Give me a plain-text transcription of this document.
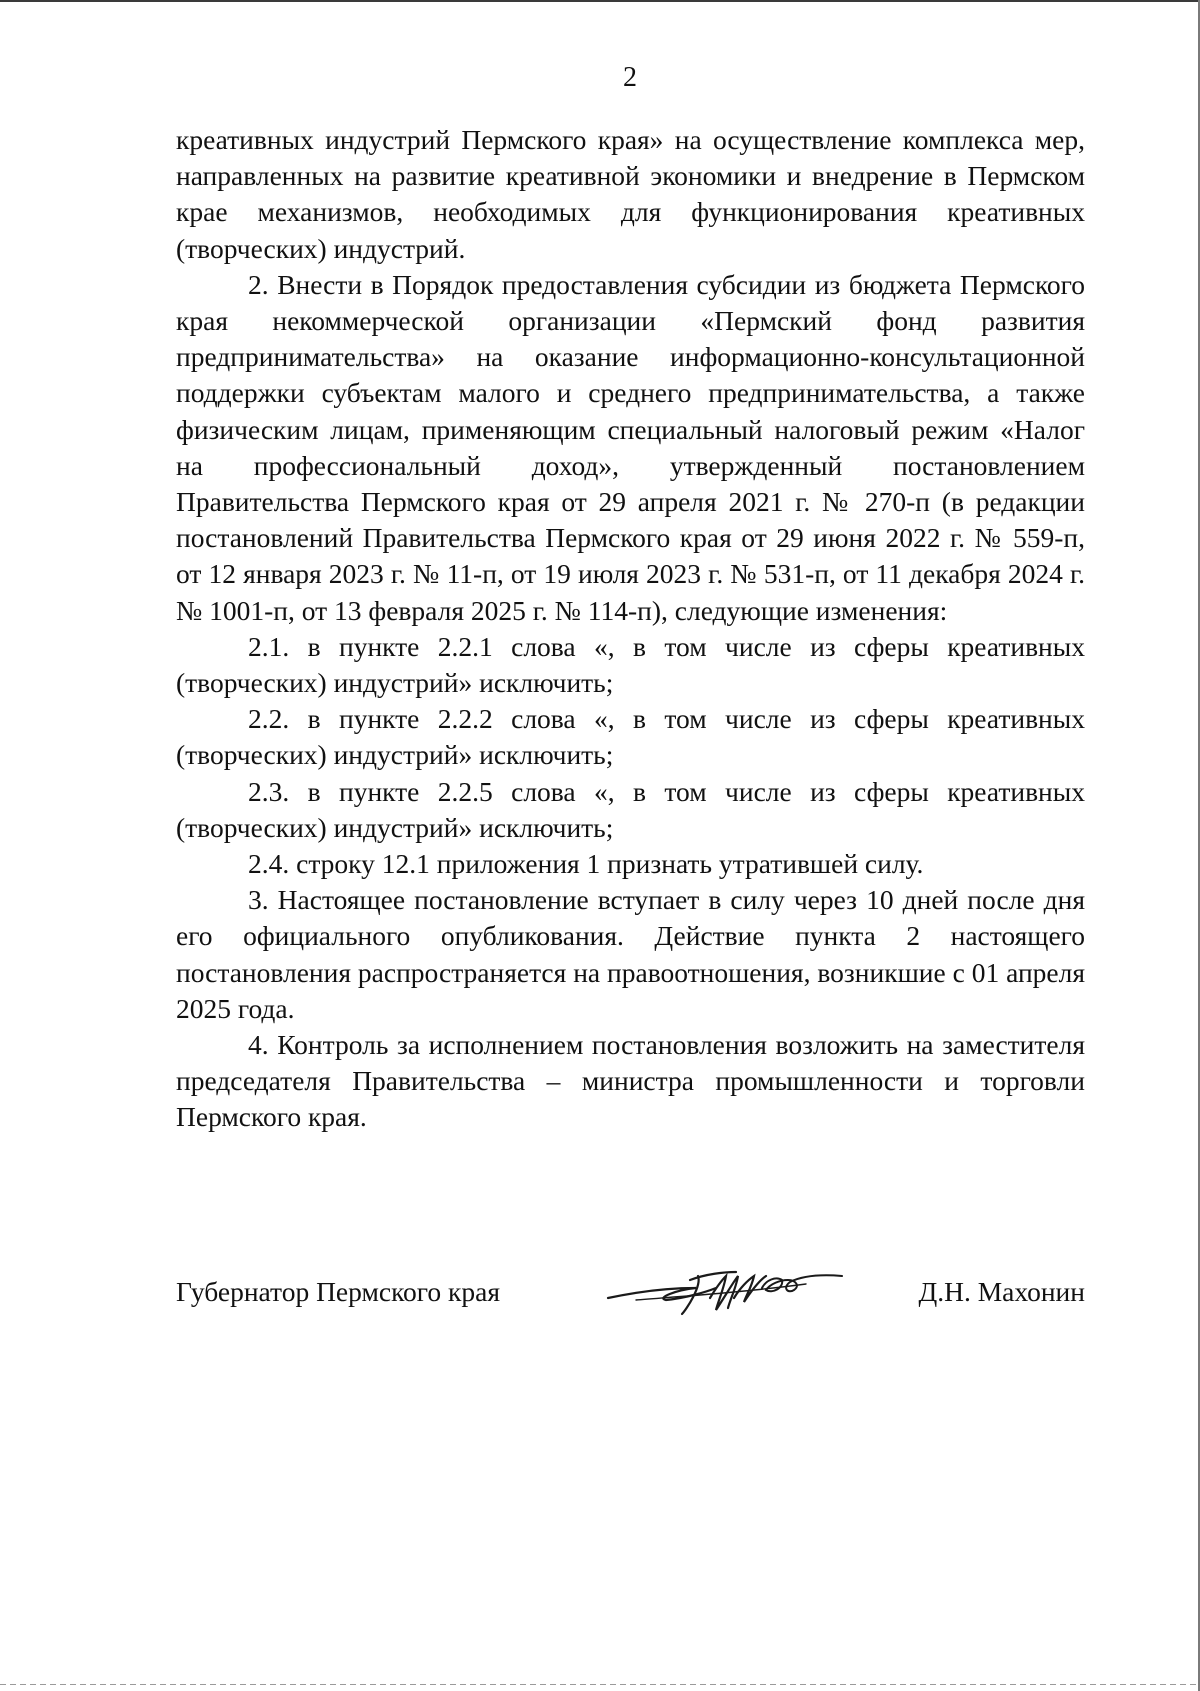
2

креативных индустрий Пермского края» на осуществление комплекса мер, направленных на развитие креативной экономики и внедрение в Пермском крае механизмов, необходимых для функционирования креативных (творческих) индустрий.

2. Внести в Порядок предоставления субсидии из бюджета Пермского края некоммерческой организации «Пермский фонд развития предпринимательства» на оказание информационно-консультационной поддержки субъектам малого и среднего предпринимательства, а также физическим лицам, применяющим специальный налоговый режим «Налог на профессиональный доход», утвержденный постановлением Правительства Пермского края от 29 апреля 2021 г. № 270-п (в редакции постановлений Правительства Пермского края от 29 июня 2022 г. № 559-п, от 12 января 2023 г. № 11-п, от 19 июля 2023 г. № 531-п, от 11 декабря 2024 г. № 1001-п, от 13 февраля 2025 г. № 114-п), следующие изменения:

2.1. в пункте 2.2.1 слова «, в том числе из сферы креативных (творческих) индустрий» исключить;

2.2. в пункте 2.2.2 слова «, в том числе из сферы креативных (творческих) индустрий» исключить;

2.3. в пункте 2.2.5 слова «, в том числе из сферы креативных (творческих) индустрий» исключить;

2.4. строку 12.1 приложения 1 признать утратившей силу.

3. Настоящее постановление вступает в силу через 10 дней после дня его официального опубликования. Действие пункта 2 настоящего постановления распространяется на правоотношения, возникшие с 01 апреля 2025 года.

4. Контроль за исполнением постановления возложить на заместителя председателя Правительства – министра промышленности и торговли Пермского края.

Губернатор Пермского края	Д.Н. Махонин
